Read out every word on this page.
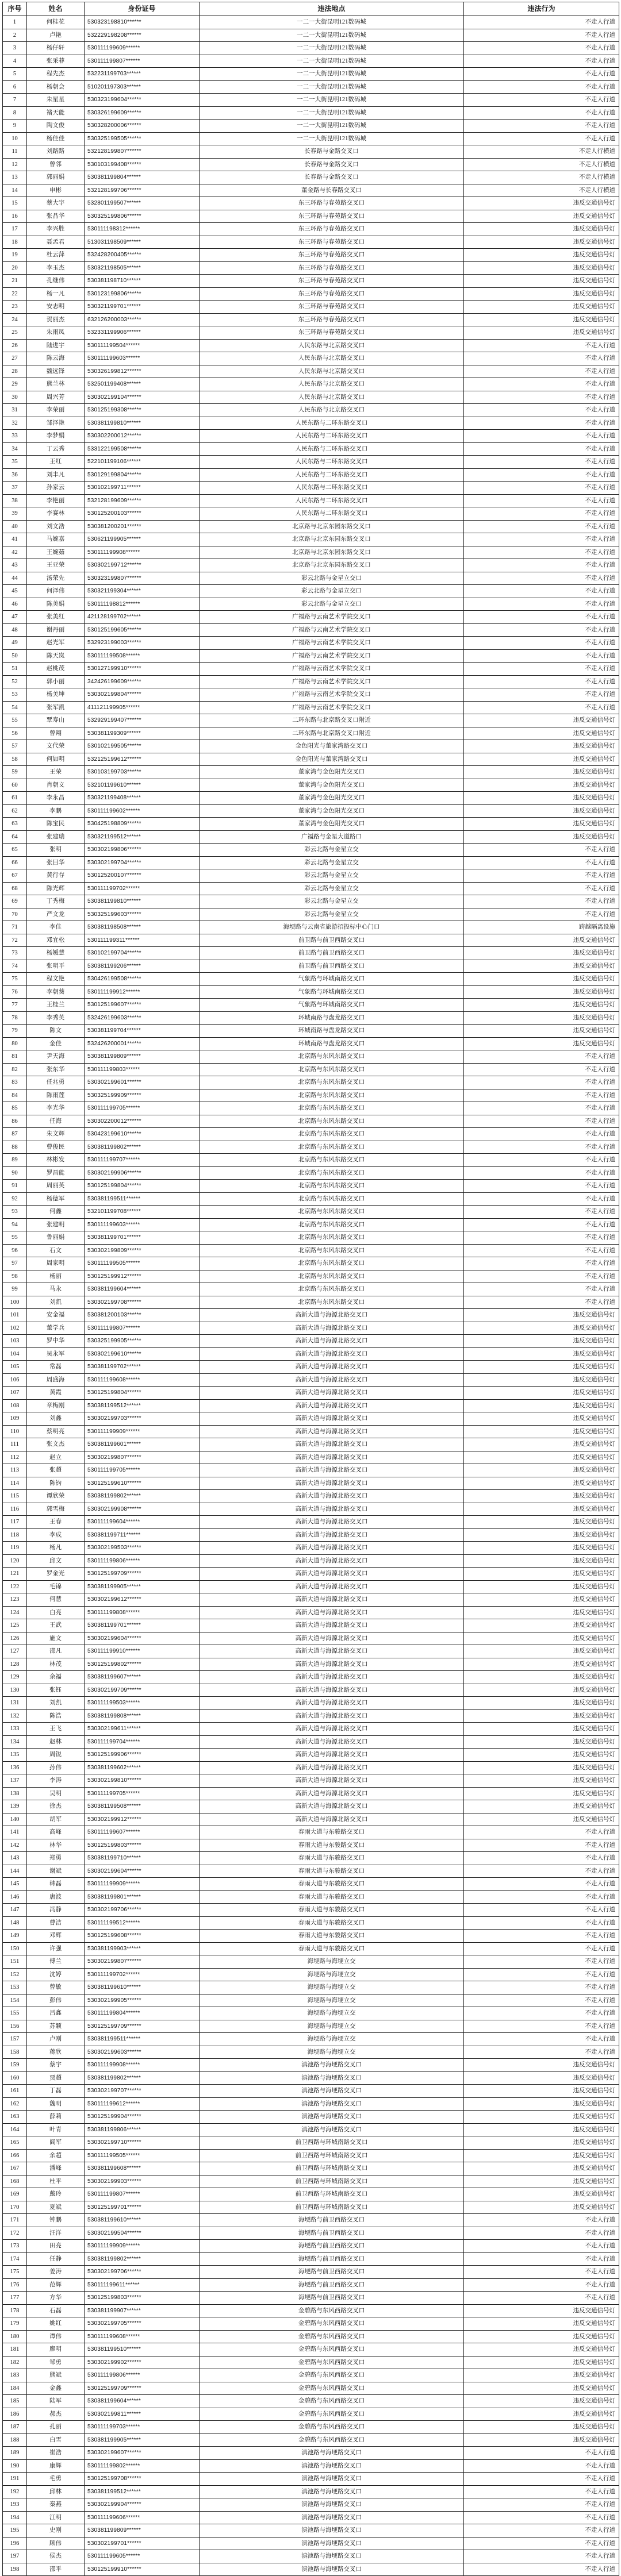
序号	姓名	身份证号	违法地点	违法行为
1	何桂花	530323198810******	一二一大街昆明121数码城	不走人行道
2	卢艳	532229198208******	一二一大街昆明121数码城	不走人行道
3	杨仔轩	530111199609******	一二一大街昆明121数码城	不走人行道
4	张采菲	530111199807******	一二一大街昆明121数码城	不走人行道
5	程先杰	532231199703******	一二一大街昆明121数码城	不走人行道
6	杨朝会	510201197303******	一二一大街昆明121数码城	不走人行道
7	朱星星	530323199604******	一二一大街昆明121数码城	不走人行道
8	褚天能	530326199609******	一二一大街昆明121数码城	不走人行道
9	陶文俊	530328200006******	一二一大街昆明121数码城	不走人行道
10	杨佳佳	530325199505******	一二一大街昆明121数码城	不走人行道
11	刘路路	532128199807******	长春路与金路交叉口	不走人行横道
12	曾邻	530103199408******	长春路与金路交叉口	不走人行横道
13	郭丽娟	530381199804******	长春路与金路交叉口	不走人行横道
14	申彬	532128199706******	董金路与长春路交叉口	不走人行横道
15	蔡大宇	532801199507******	东三环路与春苑路交叉口	违反交通信号灯
16	张品华	530325199806******	东三环路与春苑路交叉口	违反交通信号灯
17	李兴胜	530111198312******	东三环路与春苑路交叉口	违反交通信号灯
18	聂孟君	513031198509******	东三环路与春苑路交叉口	违反交通信号灯
19	杜云萍	532428200405******	东三环路与春苑路交叉口	违反交通信号灯
20	李玉杰	530321198505******	东三环路与春苑路交叉口	违反交通信号灯
21	孔继伟	530381198710******	东三环路与春苑路交叉口	违反交通信号灯
22	杨一凡	530123199806******	东三环路与春苑路交叉口	违反交通信号灯
23	安志明	530321199701******	东三环路与春苑路交叉口	违反交通信号灯
24	贺丽杰	632126200003******	东三环路与春苑路交叉口	违反交通信号灯
25	朱雨凤	532331199906******	东三环路与春苑路交叉口	违反交通信号灯
26	陆进宇	530111199504******	人民东路与北京路交叉口	不走人行道
27	陈云海	530111199603******	人民东路与北京路交叉口	不走人行道
28	魏远锋	530326199812******	人民东路与北京路交叉口	不走人行道
29	熊兰林	532501199408******	人民东路与北京路交叉口	不走人行道
30	周兴芳	530302199104******	人民东路与北京路交叉口	不走人行道
31	李荣丽	530125199308******	人民东路与北京路交叉口	不走人行道
32	邹泽艳	530381199810******	人民东路与二环东路交叉口	不走人行道
33	李梦娟	530302200012******	人民东路与二环东路交叉口	不走人行道
34	丁云秀	533122199508******	人民东路与二环东路交叉口	不走人行道
35	王红	522101199106******	人民东路与二环东路交叉口	不走人行道
36	刘丰凡	530129199804******	人民东路与二环东路交叉口	不走人行道
37	孙家云	530102199711******	人民东路与二环东路交叉口	不走人行道
38	李艳丽	532128199609******	人民东路与二环东路交叉口	不走人行道
39	李赛林	530125200103******	人民东路与二环东路交叉口	不走人行道
40	刘文浩	530381200201******	北京路与北京东园东路交叉口	不走人行道
41	马婉嘉	530621199905******	北京路与北京东园东路交叉口	不走人行道
42	王婉茹	530111199908******	北京路与北京东园东路交叉口	不走人行道
43	王亚荣	530302199712******	北京路与北京东园东路交叉口	不走人行道
44	汤荣先	530323199807******	彩云北路与金星立交口	不走人行道
45	何泽伟	530321199304******	彩云北路与金星立交口	不走人行道
46	陈美娟	530111198812******	彩云北路与金星立交口	不走人行道
47	张美红	421128199702******	广福路与云南艺术学院交叉口	不走人行道
48	谢丹丽	530125199605******	广福路与云南艺术学院交叉口	不走人行道
49	赵光军	532923199003******	广福路与云南艺术学院交叉口	不走人行道
50	陈天岚	530111199508******	广福路与云南艺术学院交叉口	不走人行道
51	赵桃茂	530127199910******	广福路与云南艺术学院交叉口	不走人行道
52	郭小丽	342426199609******	广福路与云南艺术学院交叉口	不走人行道
53	杨美坤	530302199804******	广福路与云南艺术学院交叉口	不走人行道
54	张军凯	411121199905******	广福路与云南艺术学院交叉口	不走人行道
55	覃寿山	532929199407******	二环东路与北京路交叉口附近	违反交通信号灯
56	曾翔	530381199309******	二环东路与北京路交叉口附近	违反交通信号灯
57	文代荣	530102199505******	金色阳光与董家湾路交叉口	违反交通信号灯
58	何如明	532125199612******	金色阳光与董家湾路交叉口	违反交通信号灯
59	王荣	530103199703******	董家湾与金色阳光交叉口	违反交通信号灯
60	肖朝义	532101199610******	董家湾与金色阳光交叉口	违反交通信号灯
61	李永昌	530321199408******	董家湾与金色阳光交叉口	违反交通信号灯
62	李鹏	530111199602******	董家湾与金色阳光交叉口	违反交通信号灯
63	陈宝民	530425198809******	董家湾与金色阳光交叉口	违反交通信号灯
64	张建瑞	530321199512******	广福路与金星大道路口	违反交通信号灯
65	张明	530302199806******	彩云北路与金星立交	不走人行道
66	张目华	530302199704******	彩云北路与金星立交	不走人行道
67	黄行存	530125200107******	彩云北路与金星立交	不走人行道
68	陈光辉	530111199702******	彩云北路与金星立交	不走人行道
69	丁秀梅	530381199810******	彩云北路与金星立交	不走人行道
70	严文龙	530325199603******	彩云北路与金星立交	不走人行道
71	李佳	530381198508******	海埂路与云南省旅游招投标中心门口	跨越隔离设施
72	邓宜松	530111199311******	前卫路与前卫西路交叉口	违反交通信号灯
73	杨媛慧	530102199704******	前卫路与前卫西路交叉口	违反交通信号灯
74	张明平	530381199206******	前卫路与前卫西路交叉口	违反交通信号灯
75	程文艳	530426199508******	气象路与环城南路交叉口	违反交通信号灯
76	李朝葵	530111199912******	气象路与环城南路交叉口	违反交通信号灯
77	王桂兰	530125199607******	气象路与环城南路交叉口	违反交通信号灯
78	李秀英	532426199603******	环城南路与盘龙路交叉口	违反交通信号灯
79	陈文	530381199704******	环城南路与盘龙路交叉口	违反交通信号灯
80	金佳	532426200001******	环城南路与盘龙路交叉口	违反交通信号灯
81	尹天海	530381199809******	北京路与东风东路交叉口	不走人行道
82	张东华	530111199803******	北京路与东风东路交叉口	不走人行道
83	任兆勇	530302199601******	北京路与东风东路交叉口	不走人行道
84	陈雨莲	530325199909******	北京路与东风东路交叉口	不走人行道
85	李光华	530111199705******	北京路与东风东路交叉口	不走人行道
86	任海	530302200012******	北京路与东风东路交叉口	不走人行道
87	朱文辉	530423199610******	北京路与东风东路交叉口	不走人行道
88	曹俊民	530381199802******	北京路与东风东路交叉口	不走人行道
89	林彬发	530111199707******	北京路与东风东路交叉口	不走人行道
90	罗昌能	530302199906******	北京路与东风东路交叉口	不走人行道
91	周丽英	530125199804******	北京路与东风东路交叉口	不走人行道
92	杨德军	530381199511******	北京路与东风东路交叉口	不走人行道
93	何鑫	532101199708******	北京路与东风东路交叉口	不走人行道
94	张建明	530111199603******	北京路与东风东路交叉口	不走人行道
95	鲁丽娟	530381199701******	北京路与东风东路交叉口	不走人行道
96	石文	530302199809******	北京路与东风东路交叉口	不走人行道
97	周家明	530111199505******	北京路与东风东路交叉口	不走人行道
98	杨丽	530125199912******	北京路与东风东路交叉口	不走人行道
99	马永	530381199604******	北京路与东风东路交叉口	不走人行道
100	刘凯	530302199708******	北京路与东风东路交叉口	不走人行道
101	安金福	530381200103******	高新大道与海源北路交叉口	违反交通信号灯
102	董学兵	530111199807******	高新大道与海源北路交叉口	违反交通信号灯
103	罗中华	530325199905******	高新大道与海源北路交叉口	违反交通信号灯
104	吴永军	530302199610******	高新大道与海源北路交叉口	违反交通信号灯
105	常磊	530381199702******	高新大道与海源北路交叉口	违反交通信号灯
106	周盛海	530111199608******	高新大道与海源北路交叉口	违反交通信号灯
107	黄霞	530125199804******	高新大道与海源北路交叉口	违反交通信号灯
108	章梅刚	530381199512******	高新大道与海源北路交叉口	违反交通信号灯
109	刘鑫	530302199703******	高新大道与海源北路交叉口	违反交通信号灯
110	蔡明亮	530111199909******	高新大道与海源北路交叉口	违反交通信号灯
111	张文杰	530381199601******	高新大道与海源北路交叉口	违反交通信号灯
112	赵立	530302199807******	高新大道与海源北路交叉口	违反交通信号灯
113	张超	530111199705******	高新大道与海源北路交叉口	违反交通信号灯
114	陈钧	530125199610******	高新大道与海源北路交叉口	违反交通信号灯
115	谭欣荣	530381199802******	高新大道与海源北路交叉口	违反交通信号灯
116	郭雪梅	530302199908******	高新大道与海源北路交叉口	违反交通信号灯
117	王春	530111199604******	高新大道与海源北路交叉口	违反交通信号灯
118	李成	530381199711******	高新大道与海源北路交叉口	违反交通信号灯
119	杨凡	530302199503******	高新大道与海源北路交叉口	违反交通信号灯
120	邱文	530111199806******	高新大道与海源北路交叉口	违反交通信号灯
121	罗金光	530125199709******	高新大道与海源北路交叉口	违反交通信号灯
122	毛锦	530381199905******	高新大道与海源北路交叉口	违反交通信号灯
123	何慧	530302199612******	高新大道与海源北路交叉口	违反交通信号灯
124	白亮	530111199808******	高新大道与海源北路交叉口	违反交通信号灯
125	王武	530381199701******	高新大道与海源北路交叉口	违反交通信号灯
126	施文	530302199604******	高新大道与海源北路交叉口	违反交通信号灯
127	邵凡	530111199910******	高新大道与海源北路交叉口	违反交通信号灯
128	林茂	530125199802******	高新大道与海源北路交叉口	违反交通信号灯
129	余福	530381199607******	高新大道与海源北路交叉口	违反交通信号灯
130	张钰	530302199709******	高新大道与海源北路交叉口	违反交通信号灯
131	刘凯	530111199503******	高新大道与海源北路交叉口	违反交通信号灯
132	陈浩	530381199808******	高新大道与海源北路交叉口	违反交通信号灯
133	王飞	530302199611******	高新大道与海源北路交叉口	违反交通信号灯
134	赵林	530111199704******	高新大道与海源北路交叉口	违反交通信号灯
135	周锐	530125199906******	高新大道与海源北路交叉口	违反交通信号灯
136	孙伟	530381199602******	高新大道与海源北路交叉口	违反交通信号灯
137	李涛	530302199810******	高新大道与海源北路交叉口	违反交通信号灯
138	吴明	530111199705******	高新大道与海源北路交叉口	违反交通信号灯
139	徐杰	530381199508******	高新大道与海源北路交叉口	违反交通信号灯
140	胡军	530302199912******	高新大道与海源北路交叉口	违反交通信号灯
141	高峰	530111199607******	春雨大道与东骏路交叉口	不走人行道
142	林华	530125199803******	春雨大道与东骏路交叉口	不走人行道
143	郑勇	530381199710******	春雨大道与东骏路交叉口	不走人行道
144	谢斌	530302199604******	春雨大道与东骏路交叉口	不走人行道
145	韩磊	530111199909******	春雨大道与东骏路交叉口	不走人行道
146	唐波	530381199801******	春雨大道与东骏路交叉口	不走人行道
147	冯静	530302199706******	春雨大道与东骏路交叉口	不走人行道
148	曹洁	530111199512******	春雨大道与东骏路交叉口	不走人行道
149	邓辉	530125199608******	春雨大道与东骏路交叉口	不走人行道
150	许强	530381199903******	春雨大道与东骏路交叉口	不走人行道
151	傅兰	530302199807******	海埂路与海埂立交	不走人行道
152	沈婷	530111199702******	海埂路与海埂立交	不走人行道
153	曾敏	530381199610******	海埂路与海埂立交	不走人行道
154	彭伟	530302199905******	海埂路与海埂立交	不走人行道
155	吕鑫	530111199804******	海埂路与海埂立交	不走人行道
156	苏颖	530125199709******	海埂路与海埂立交	不走人行道
157	卢刚	530381199511******	海埂路与海埂立交	不走人行道
158	蒋欣	530302199603******	海埂路与海埂立交	不走人行道
159	蔡宇	530111199908******	滇池路与海埂路交叉口	违反交通信号灯
160	贾超	530381199802******	滇池路与海埂路交叉口	违反交通信号灯
161	丁磊	530302199707******	滇池路与海埂路交叉口	违反交通信号灯
162	魏明	530111199612******	滇池路与海埂路交叉口	违反交通信号灯
163	薛莉	530125199904******	滇池路与海埂路交叉口	违反交通信号灯
164	叶青	530381199806******	滇池路与海埂路交叉口	违反交通信号灯
165	阎军	530302199710******	前卫西路与环城南路交叉口	违反交通信号灯
166	余超	530111199505******	前卫西路与环城南路交叉口	违反交通信号灯
167	潘峰	530381199608******	前卫西路与环城南路交叉口	违反交通信号灯
168	杜平	530302199903******	前卫西路与环城南路交叉口	违反交通信号灯
169	戴玲	530111199807******	前卫西路与环城南路交叉口	违反交通信号灯
170	夏斌	530125199701******	前卫西路与环城南路交叉口	违反交通信号灯
171	钟鹏	530381199610******	海埂路与前卫西路交叉口	不走人行道
172	汪洋	530302199504******	海埂路与前卫西路交叉口	不走人行道
173	田亮	530111199909******	海埂路与前卫西路交叉口	不走人行道
174	任静	530381199802******	海埂路与前卫西路交叉口	不走人行道
175	姜涛	530302199706******	海埂路与前卫西路交叉口	不走人行道
176	范辉	530111199611******	海埂路与前卫西路交叉口	不走人行道
177	方华	530125199803******	海埂路与前卫西路交叉口	不走人行道
178	石磊	530381199907******	金碧路与东风西路交叉口	违反交通信号灯
179	姚红	530302199705******	金碧路与东风西路交叉口	违反交通信号灯
180	谭伟	530111199608******	金碧路与东风西路交叉口	违反交通信号灯
181	廖明	530381199510******	金碧路与东风西路交叉口	违反交通信号灯
182	邹勇	530302199902******	金碧路与东风西路交叉口	违反交通信号灯
183	熊斌	530111199806******	金碧路与东风西路交叉口	违反交通信号灯
184	金鑫	530125199709******	金碧路与东风西路交叉口	违反交通信号灯
185	陆军	530381199604******	金碧路与东风西路交叉口	违反交通信号灯
186	郝杰	530302199811******	金碧路与东风西路交叉口	违反交通信号灯
187	孔丽	530111199703******	金碧路与东风西路交叉口	违反交通信号灯
188	白雪	530381199905******	金碧路与东风西路交叉口	违反交通信号灯
189	崔浩	530302199607******	滇池路与海埂路交叉口	不走人行道
190	康辉	530111199802******	滇池路与海埂路交叉口	不走人行道
191	毛勇	530125199708******	滇池路与海埂路交叉口	不走人行道
192	邱林	530381199512******	滇池路与海埂路交叉口	不走人行道
193	秦燕	530302199904******	滇池路与海埂路交叉口	不走人行道
194	江明	530111199606******	滇池路与海埂路交叉口	不走人行道
195	史刚	530381199809******	滇池路与海埂路交叉口	不走人行道
196	顾伟	530302199701******	滇池路与海埂路交叉口	不走人行道
197	侯杰	530111199605******	滇池路与海埂路交叉口	不走人行道
198	邵平	530125199910******	滇池路与海埂路交叉口	不走人行道
